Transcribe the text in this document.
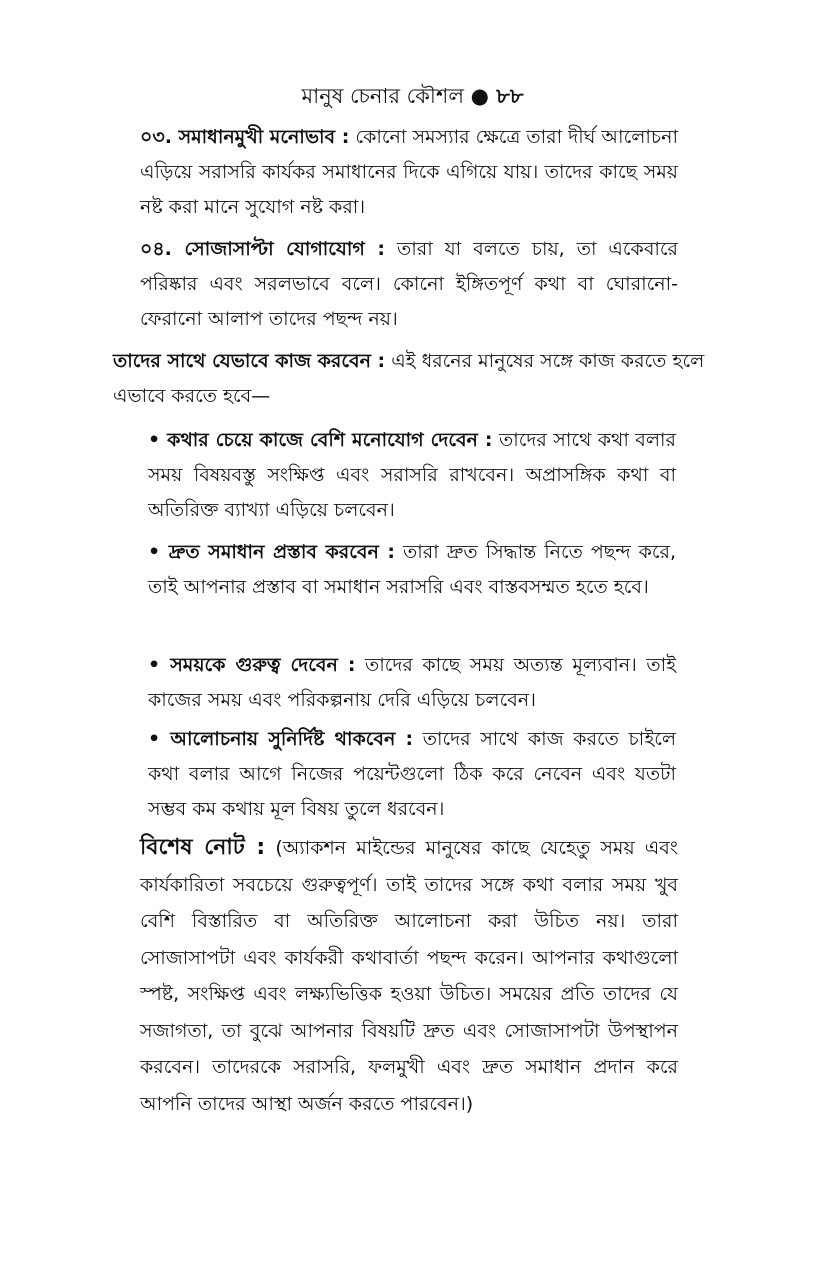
মানুষ চেনার কৌশল ● ৮৮
০৩. সমাধানমুখী মনোভাব : কোনো সমস্যার ক্ষেত্রে তারা দীর্ঘ আলোচনা এড়িয়ে সরাসরি কার্যকর সমাধানের দিকে এগিয়ে যায়। তাদের কাছে সময় নষ্ট করা মানে সুযোগ নষ্ট করা।
০৪. সোজাসাপ্টা যোগাযোগ : তারা যা বলতে চায়, তা একেবারে পরিষ্কার এবং সরলভাবে বলে। কোনো ইঙ্গিতপূর্ণ কথা বা ঘোরানো-ফেরানো আলাপ তাদের পছন্দ নয়।
তাদের সাথে যেভাবে কাজ করবেন : এই ধরনের মানুষের সঙ্গে কাজ করতে হলে এভাবে করতে হবে—
• কথার চেয়ে কাজে বেশি মনোযোগ দেবেন : তাদের সাথে কথা বলার সময় বিষয়বস্তু সংক্ষিপ্ত এবং সরাসরি রাখবেন। অপ্রাসঙ্গিক কথা বা অতিরিক্ত ব্যাখ্যা এড়িয়ে চলবেন।
• দ্রুত সমাধান প্রস্তাব করবেন : তারা দ্রুত সিদ্ধান্ত নিতে পছন্দ করে, তাই আপনার প্রস্তাব বা সমাধান সরাসরি এবং বাস্তবসম্মত হতে হবে।
• সময়কে গুরুত্ব দেবেন : তাদের কাছে সময় অত্যন্ত মূল্যবান। তাই কাজের সময় এবং পরিকল্পনায় দেরি এড়িয়ে চলবেন।
• আলোচনায় সুনির্দিষ্ট থাকবেন : তাদের সাথে কাজ করতে চাইলে কথা বলার আগে নিজের পয়েন্টগুলো ঠিক করে নেবেন এবং যতটা সম্ভব কম কথায় মূল বিষয় তুলে ধরবেন।
বিশেষ নোট : (অ্যাকশন মাইন্ডের মানুষের কাছে যেহেতু সময় এবং কার্যকারিতা সবচেয়ে গুরুত্বপূর্ণ। তাই তাদের সঙ্গে কথা বলার সময় খুব বেশি বিস্তারিত বা অতিরিক্ত আলোচনা করা উচিত নয়। তারা সোজাসাপটা এবং কার্যকরী কথাবার্তা পছন্দ করেন। আপনার কথাগুলো স্পষ্ট, সংক্ষিপ্ত এবং লক্ষ্যভিত্তিক হওয়া উচিত। সময়ের প্রতি তাদের যে সজাগতা, তা বুঝে আপনার বিষয়টি দ্রুত এবং সোজাসাপটা উপস্থাপন করবেন। তাদেরকে সরাসরি, ফলমুখী এবং দ্রুত সমাধান প্রদান করে আপনি তাদের আস্থা অর্জন করতে পারবেন।)
